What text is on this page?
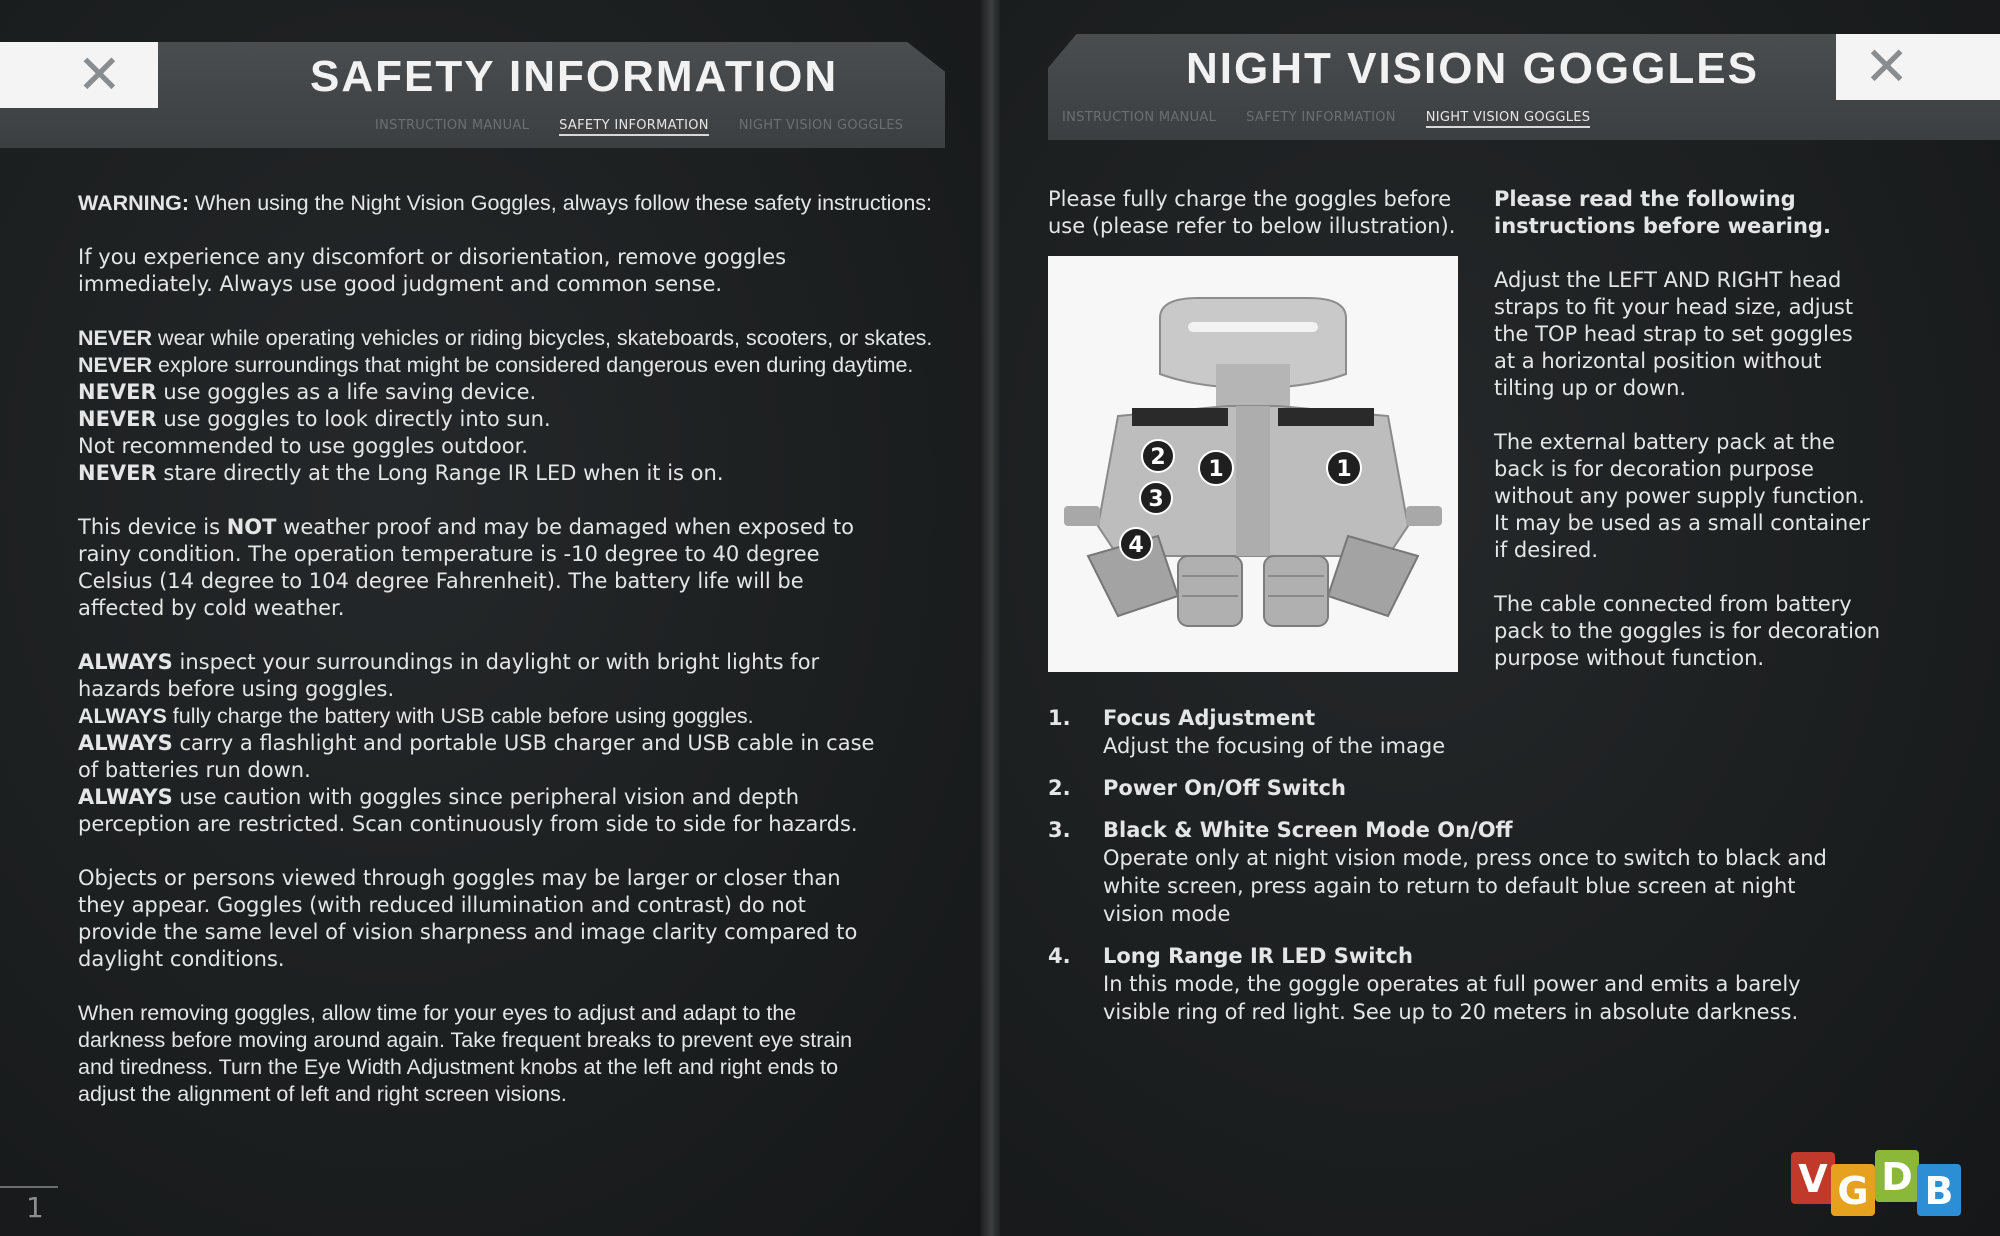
✕	SAFETY INFORMATION
INSTRUCTION MANUAL SAFETY INFORMATION NIGHT VISION GOGGLES

WARNING: When using the Night Vision Goggles, always follow these safety instructions:

If you experience any discomfort or disorientation, remove goggles
immediately. Always use good judgment and common sense.

NEVER wear while operating vehicles or riding bicycles, skateboards, scooters, or skates.
NEVER explore surroundings that might be considered dangerous even during daytime.
NEVER use goggles as a life saving device.
NEVER use goggles to look directly into sun.
Not recommended to use goggles outdoor.
NEVER stare directly at the Long Range IR LED when it is on.

This device is NOT weather proof and may be damaged when exposed to
rainy condition. The operation temperature is -10 degree to 40 degree
Celsius (14 degree to 104 degree Fahrenheit). The battery life will be
affected by cold weather.

ALWAYS inspect your surroundings in daylight or with bright lights for
hazards before using goggles.
ALWAYS fully charge the battery with USB cable before using goggles.
ALWAYS carry a flashlight and portable USB charger and USB cable in case
of batteries run down.
ALWAYS use caution with goggles since peripheral vision and depth
perception are restricted. Scan continuously from side to side for hazards.

Objects or persons viewed through goggles may be larger or closer than
they appear. Goggles (with reduced illumination and contrast) do not
provide the same level of vision sharpness and image clarity compared to
daylight conditions.

When removing goggles, allow time for your eyes to adjust and adapt to the
darkness before moving around again. Take frequent breaks to prevent eye strain
and tiredness. Turn the Eye Width Adjustment knobs at the left and right ends to
adjust the alignment of left and right screen visions.

1
✕
NIGHT VISION GOGGLES
INSTRUCTION MANUAL SAFETY INFORMATION NIGHT VISION GOGGLES
Please fully charge the goggles before
use (please refer to below illustration).
1	1
2
3
4

Please read the following
instructions before wearing.

Adjust the LEFT AND RIGHT head
straps to fit your head size, adjust
the TOP head strap to set goggles
at a horizontal position without
tilting up or down.

The external battery pack at the
back is for decoration purpose
without any power supply function.
It may be used as a small container
if desired.

The cable connected from battery
pack to the goggles is for decoration
purpose without function.

1.	Focus Adjustment
Adjust the focusing of the image
2.	Power On/Off Switch
3.	Black & White Screen Mode On/Off
Operate only at night vision mode, press once to switch to black and
white screen, press again to return to default blue screen at night
vision mode
4.	Long Range IR LED Switch
In this mode, the goggle operates at full power and emits a barely
visible ring of red light. See up to 20 meters in absolute darkness.
V G D B
